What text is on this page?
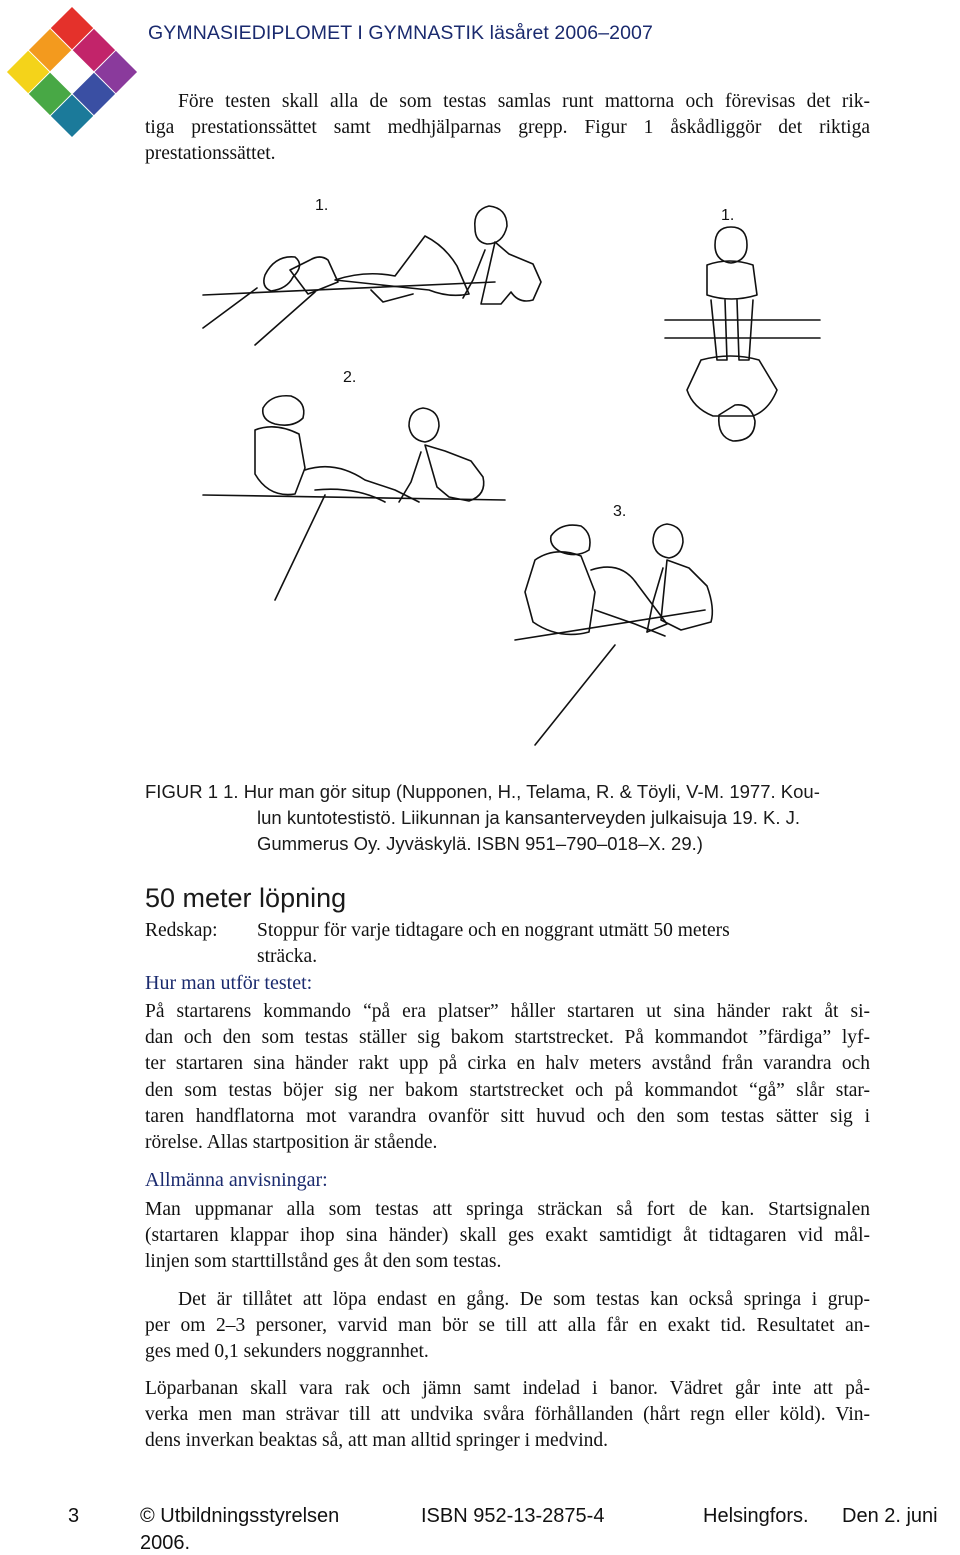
GYMNASIEDIPLOMET I GYMNASTIK läsåret 2006–2007

Före testen skall alla de som testas samlas runt mattorna och förevisas det rik-
tiga prestationssättet samt medhjälparnas grepp. Figur 1 åskådliggör det riktiga
prestationssättet.

1.
1.
2.
3.
FIGUR 1 1. Hur man gör situp (Nupponen, H., Telama, R. & Töyli, V-M. 1977. Kou-
lun kuntotestistö. Liikunnan ja kansanterveyden julkaisuja 19. K. J.
Gummerus Oy. Jyväskylä. ISBN 951–790–018–X. 29.)
50 meter löpning
Redskap: Stoppur för varje tidtagare och en noggrant utmätt 50 meters
sträcka.
Hur man utför testet:

På startarens kommando “på era platser” håller startaren ut sina händer rakt åt si-
dan och den som testas ställer sig bakom startstrecket. På kommandot ”färdiga” lyf-
ter startaren sina händer rakt upp på cirka en halv meters avstånd från varandra och
den som testas böjer sig ner bakom startstrecket och på kommandot “gå” slår star-
taren handflatorna mot varandra ovanför sitt huvud och den som testas sätter sig i
rörelse. Allas startposition är stående.

Allmänna anvisningar:

Man uppmanar alla som testas att springa sträckan så fort de kan. Startsignalen
(startaren klappar ihop sina händer) skall ges exakt samtidigt åt tidtagaren vid mål-
linjen som starttillstånd ges åt den som testas.

Det är tillåtet att löpa endast en gång. De som testas kan också springa i grup-
per om 2–3 personer, varvid man bör se till att alla får en exakt tid. Resultatet an-
ges med 0,1 sekunders noggrannhet.

Löparbanan skall vara rak och jämn samt indelad i banor. Vädret går inte att på-
verka men man strävar till att undvika svåra förhållanden (hårt regn eller köld). Vin-
dens inverkan beaktas så, att man alltid springer i medvind.

3	© Utbildningsstyrelsen	ISBN 952-13-2875-4	Helsingfors. Den 2. juni
2006.
